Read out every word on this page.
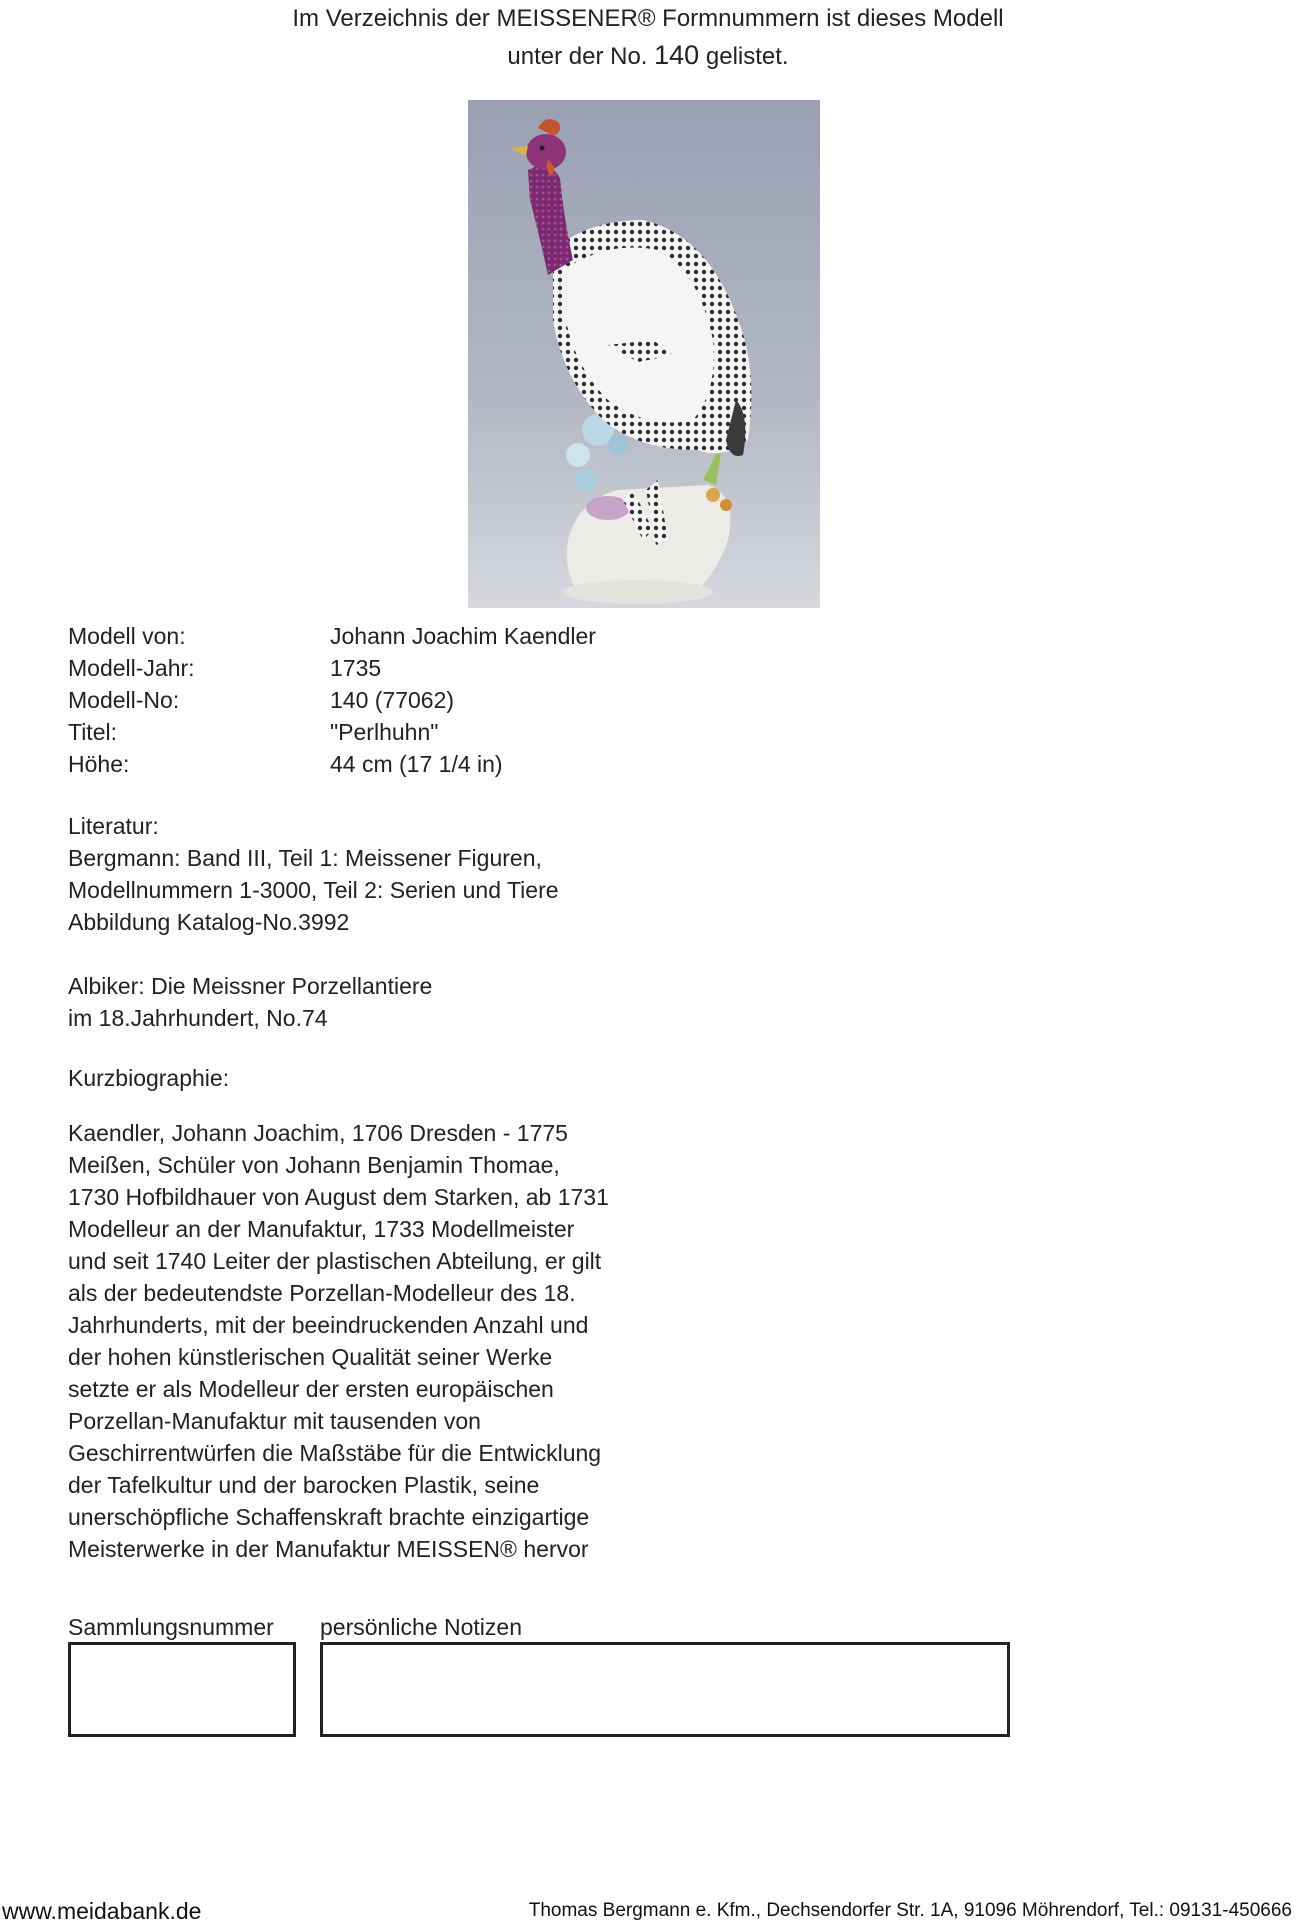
Im Verzeichnis der MEISSENER® Formnummern ist dieses Modell
unter der No. 140 gelistet.
Modell von:	Johann Joachim Kaendler
Modell-Jahr:	1735
Modell-No:	140 (77062)
Titel:	"Perlhuhn"
Höhe:	44 cm (17 1/4 in)
Literatur:
Bergmann: Band III, Teil 1: Meissener Figuren,
Modellnummern 1-3000, Teil 2: Serien und Tiere
Abbildung Katalog-No.3992
Albiker: Die Meissner Porzellantiere
im 18.Jahrhundert, No.74
Kurzbiographie:
Kaendler, Johann Joachim, 1706 Dresden - 1775
Meißen, Schüler von Johann Benjamin Thomae,
1730 Hofbildhauer von August dem Starken, ab 1731
Modelleur an der Manufaktur, 1733 Modellmeister
und seit 1740 Leiter der plastischen Abteilung, er gilt
als der bedeutendste Porzellan-Modelleur des 18.
Jahrhunderts, mit der beeindruckenden Anzahl und
der hohen künstlerischen Qualität seiner Werke
setzte er als Modelleur der ersten europäischen
Porzellan-Manufaktur mit tausenden von
Geschirrentwürfen die Maßstäbe für die Entwicklung
der Tafelkultur und der barocken Plastik, seine
unerschöpfliche Schaffenskraft brachte einzigartige
Meisterwerke in der Manufaktur MEISSEN® hervor
Sammlungsnummer persönliche Notizen
www.meidabank.de	Thomas Bergmann e. Kfm., Dechsendorfer Str. 1A, 91096 Möhrendorf, Tel.: 09131-450666
